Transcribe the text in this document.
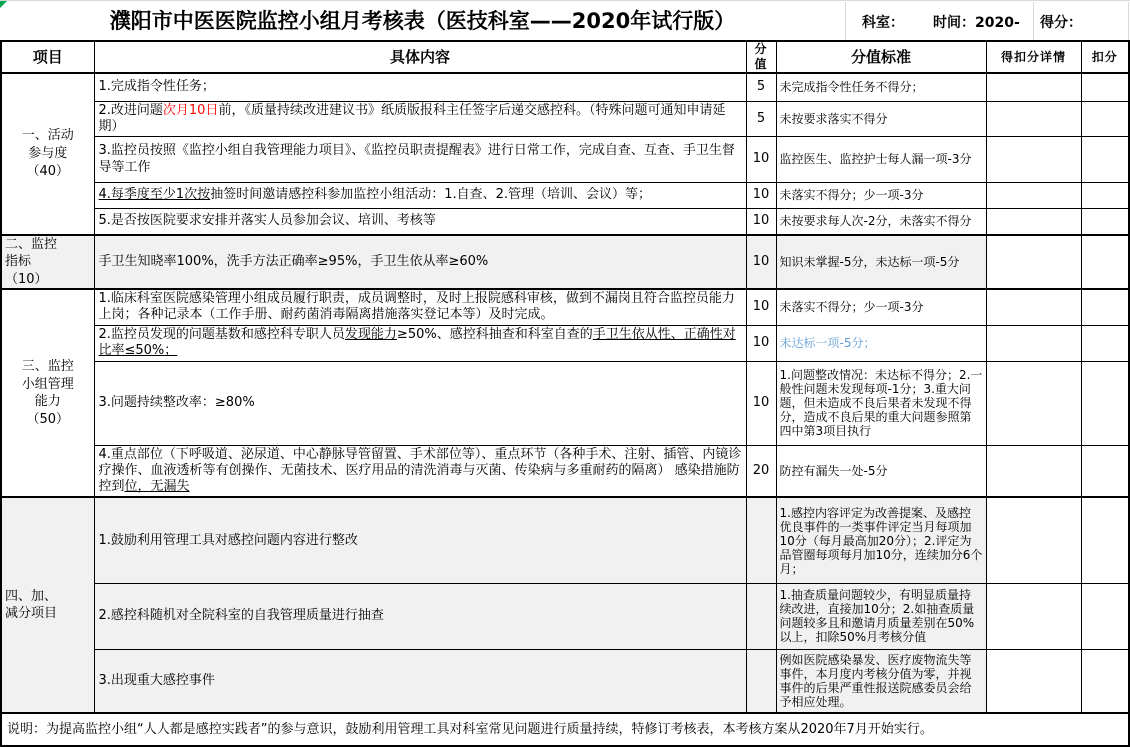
濮阳市中医医院监控小组月考核表（医技科室——2020年试行版）	科室： 时间：2020- 得分：
项目	具体内容	分值	分值标准	得扣分详情	扣分

一、活动
参与度
（40）	1.完成指令性任务；	5	未完成指令性任务不得分；		
	2.改进问题次月10日前，《质量持续改进建议书》纸质版报科主任签字后递交感控科。（特殊问题可通知申请延期）	5	未按要求落实不得分		
	3.监控员按照《监控小组自我管理能力项目》、《监控员职责提醒表》进行日常工作，完成自查、互查、手卫生督导等工作	10	监控医生、监控护士每人漏一项-3分		
	4.每季度至少1次按抽签时间邀请感控科参加监控小组活动：1.自查、2.管理（培训、会议）等；	10	未落实不得分；少一项-3分		
	5.是否按医院要求安排并落实人员参加会议、培训、考核等	10	未按要求每人次-2分，未落实不得分		

二、监控
指标
（10）	手卫生知晓率100%，洗手方法正确率≥95%，手卫生依从率≥60%	10	知识未掌握-5分，未达标一项-5分		

三、监控
小组管理
能力
（50）	1.临床科室医院感染管理小组成员履行职责，成员调整时，及时上报院感科审核，做到不漏岗且符合监控员能力上岗；各种记录本（工作手册、耐药菌消毒隔离措施落实登记本等）及时完成。	10	未落实不得分；少一项-3分		
	2.监控员发现的问题基数和感控科专职人员发现能力≥50%、感控科抽查和科室自查的手卫生依从性、正确性对比率≤50%；	10	未达标一项-5分；		
	3.问题持续整改率：≥80%	10	1.问题整改情况：未达标不得分；2.一般性问题未发现每项-1分；3.重大问题，但未造成不良后果者未发现不得分，造成不良后果的重大问题参照第四中第3项目执行		
	4.重点部位（下呼吸道、泌尿道、中心静脉导管留置、手术部位等）、重点环节（各种手术、注射、插管、内镜诊疗操作、血液透析等有创操作、无菌技术、医疗用品的清洗消毒与灭菌、传染病与多重耐药的隔离） 感染措施防控到位，无漏失	20	防控有漏失一处-5分		

四、加、
减分项目	1.鼓励利用管理工具对感控问题内容进行整改		1.感控内容评定为改善提案、及感控优良事件的一类事件评定当月每项加10分（每月最高加20分）；2.评定为品管圈每项每月加10分，连续加分6个月；		
	2.感控科随机对全院科室的自我管理质量进行抽查		1.抽查质量问题较少，有明显质量持续改进，直接加10分；2.如抽查质量问题较多且和邀请月质量差别在50%以上，扣除50%月考核分值		
	3.出现重大感控事件		例如医院感染暴发、医疗废物流失等事件，本月度内考核分值为零，并视事件的后果严重性报送院感委员会给予相应处理。		
说明：为提高监控小组“人人都是感控实践者”的参与意识，鼓励利用管理工具对科室常见问题进行质量持续，特修订考核表，本考核方案从2020年7月开始实行。					
